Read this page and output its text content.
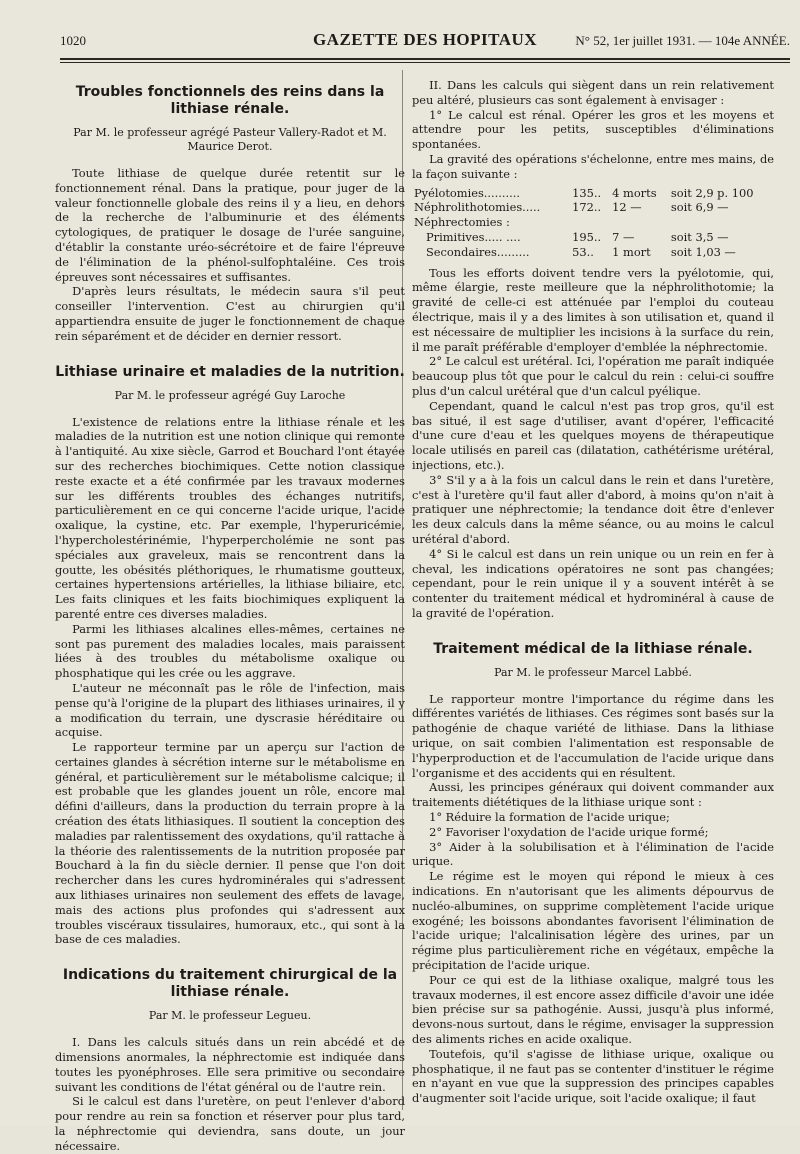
1020	GAZETTE DES HOPITAUX	N° 52, 1er juillet 1931. — 104e ANNÉE.
Troubles fonctionnels des reins dans la lithiase rénale.
Par M. le professeur agrégé Pasteur Vallery-Radot et M. Maurice Derot.

Toute lithiase de quelque durée retentit sur le fonctionnement rénal. Dans la pratique, pour juger de la valeur fonctionnelle globale des reins il y a lieu, en dehors de la recherche de l'albuminurie et des éléments cytologiques, de pratiquer le dosage de l'urée sanguine, d'établir la constante uréo-sécrétoire et de faire l'épreuve de l'élimination de la phénol-sulfophtaléine. Ces trois épreuves sont nécessaires et suffisantes.

D'après leurs résultats, le médecin saura s'il peut conseiller l'intervention. C'est au chirurgien qu'il appartiendra ensuite de juger le fonctionnement de chaque rein séparément et de décider en dernier ressort.

Lithiase urinaire et maladies de la nutrition.
Par M. le professeur agrégé Guy Laroche

L'existence de relations entre la lithiase rénale et les maladies de la nutrition est une notion clinique qui remonte à l'antiquité. Au xixe siècle, Garrod et Bouchard l'ont étayée sur des recherches biochimiques. Cette notion classique reste exacte et a été confirmée par les travaux modernes sur les différents troubles des échanges nutritifs, particulièrement en ce qui concerne l'acide urique, l'acide oxalique, la cystine, etc. Par exemple, l'hyperuricémie, l'hypercholestérinémie, l'hyperpercholémie ne sont pas spéciales aux graveleux, mais se rencontrent dans la goutte, les obésités pléthoriques, le rhumatisme goutteux, certaines hypertensions artérielles, la lithiase biliaire, etc. Les faits cliniques et les faits biochimiques expliquent la parenté entre ces diverses maladies.

Parmi les lithiases alcalines elles-mêmes, certaines ne sont pas purement des maladies locales, mais paraissent liées à des troubles du métabolisme oxalique ou phosphatique qui les crée ou les aggrave.

L'auteur ne méconnaît pas le rôle de l'infection, mais pense qu'à l'origine de la plupart des lithiases urinaires, il y a modification du terrain, une dyscrasie héréditaire ou acquise.

Le rapporteur termine par un aperçu sur l'action de certaines glandes à sécrétion interne sur le métabolisme en général, et particulièrement sur le métabolisme calcique; il est probable que les glandes jouent un rôle, encore mal défini d'ailleurs, dans la production du terrain propre à la création des états lithiasiques. Il soutient la conception des maladies par ralentissement des oxydations, qu'il rattache à la théorie des ralentissements de la nutrition proposée par Bouchard à la fin du siècle dernier. Il pense que l'on doit rechercher dans les cures hydrominérales qui s'adressent aux lithiases urinaires non seulement des effets de lavage, mais des actions plus profondes qui s'adressent aux troubles viscéraux tissulaires, humoraux, etc., qui sont à la base de ces maladies.

Indications du traitement chirurgical de la lithiase rénale.
Par M. le professeur Legueu.

I. Dans les calculs situés dans un rein abcédé et de dimensions anormales, la néphrectomie est indiquée dans toutes les pyonéphroses. Elle sera primitive ou secondaire suivant les conditions de l'état général ou de l'autre rein.

Si le calcul est dans l'uretère, on peut l'enlever d'abord pour rendre au rein sa fonction et réserver pour plus tard, la néphrectomie qui deviendra, sans doute, un jour nécessaire.

II. Dans les calculs qui siègent dans un rein relativement peu altéré, plusieurs cas sont également à envisager :

1° Le calcul est rénal. Opérer les gros et les moyens et attendre pour les petits, susceptibles d'éliminations spontanées.

La gravité des opérations s'échelonne, entre mes mains, de la façon suivante :

Pyélotomies..........	135..	4 morts	soit 2,9 p. 100
Néphrolithotomies.....	172..	12 —	soit 6,9 —
Néphrectomies :			
Primitives..... ....	195..	7 —	soit 3,5 —
Secondaires.........	53..	1 mort	soit 1,03 —

Tous les efforts doivent tendre vers la pyélotomie, qui, même élargie, reste meilleure que la néphrolithotomie; la gravité de celle-ci est atténuée par l'emploi du couteau électrique, mais il y a des limites à son utilisation et, quand il est nécessaire de multiplier les incisions à la surface du rein, il me paraît préférable d'employer d'emblée la néphrectomie.

2° Le calcul est urétéral. Ici, l'opération me paraît indiquée beaucoup plus tôt que pour le calcul du rein : celui-ci souffre plus d'un calcul urétéral que d'un calcul pyélique.

Cependant, quand le calcul n'est pas trop gros, qu'il est bas situé, il est sage d'utiliser, avant d'opérer, l'efficacité d'une cure d'eau et les quelques moyens de thérapeutique locale utilisés en pareil cas (dilatation, cathétérisme urétéral, injections, etc.).

3° S'il y a à la fois un calcul dans le rein et dans l'uretère, c'est à l'uretère qu'il faut aller d'abord, à moins qu'on n'ait à pratiquer une néphrectomie; la tendance doit être d'enlever les deux calculs dans la même séance, ou au moins le calcul urétéral d'abord.

4° Si le calcul est dans un rein unique ou un rein en fer à cheval, les indications opératoires ne sont pas changées; cependant, pour le rein unique il y a souvent intérêt à se contenter du traitement médical et hydrominéral à cause de la gravité de l'opération.

Traitement médical de la lithiase rénale.
Par M. le professeur Marcel Labbé.

Le rapporteur montre l'importance du régime dans les différentes variétés de lithiases. Ces régimes sont basés sur la pathogénie de chaque variété de lithiase. Dans la lithiase urique, on sait combien l'alimentation est responsable de l'hyperproduction et de l'accumulation de l'acide urique dans l'organisme et des accidents qui en résultent.

Aussi, les principes généraux qui doivent commander aux traitements diététiques de la lithiase urique sont :

1° Réduire la formation de l'acide urique;

2° Favoriser l'oxydation de l'acide urique formé;

3° Aider à la solubilisation et à l'élimination de l'acide urique.

Le régime est le moyen qui répond le mieux à ces indications. En n'autorisant que les aliments dépourvus de nucléo-albumines, on supprime complètement l'acide urique exogéné; les boissons abondantes favorisent l'élimination de l'acide urique; l'alcalinisation légère des urines, par un régime plus particulièrement riche en végétaux, empêche la précipitation de l'acide urique.

Pour ce qui est de la lithiase oxalique, malgré tous les travaux modernes, il est encore assez difficile d'avoir une idée bien précise sur sa pathogénie. Aussi, jusqu'à plus informé, devons-nous surtout, dans le régime, envisager la suppression des aliments riches en acide oxalique.

Toutefois, qu'il s'agisse de lithiase urique, oxalique ou phosphatique, il ne faut pas se contenter d'instituer le régime en n'ayant en vue que la suppression des principes capables d'augmenter soit l'acide urique, soit l'acide oxalique; il faut
